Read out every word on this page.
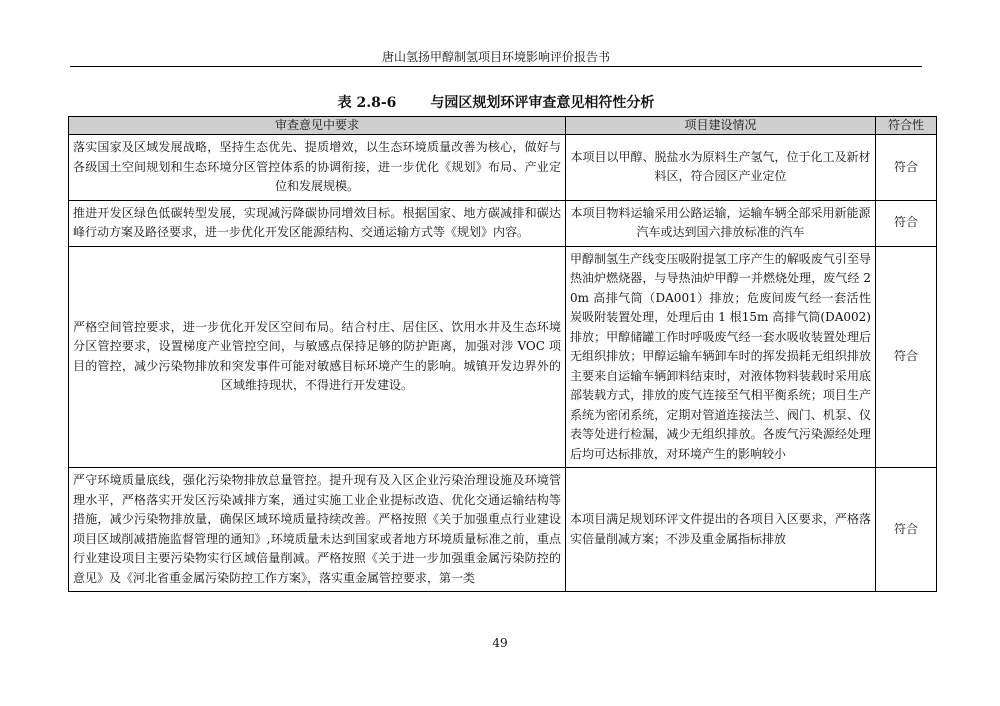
唐山氢扬甲醇制氢项目环境影响评价报告书
表 2.8-6 与园区规划环评审查意见相符性分析
审查意见中要求	项目建设情况	符合性
落实国家及区域发展战略，坚持生态优先、提质增效，以生态环境质量改善为核心，做好与各级国土空间规划和生态环境分区管控体系的协调衔接，进一步优化《规划》布局、产业定位和发展规模。	本项目以甲醇、脱盐水为原料生产氢气，位于化工及新材料区，符合园区产业定位	符合
推进开发区绿色低碳转型发展，实现减污降碳协同增效目标。根据国家、地方碳减排和碳达峰行动方案及路径要求，进一步优化开发区能源结构、交通运输方式等《规划》内容。	本项目物料运输采用公路运输，运输车辆全部采用新能源汽车或达到国六排放标准的汽车	符合
严格空间管控要求，进一步优化开发区空间布局。结合村庄、居住区、饮用水井及生态环境分区管控要求，设置梯度产业管控空间，与敏感点保持足够的防护距离，加强对涉 VOC 项目的管控，减少污染物排放和突发事件可能对敏感目标环境产生的影响。城镇开发边界外的区域维持现状，不得进行开发建设。	甲醇制氢生产线变压吸附提氢工序产生的解吸废气引至导热油炉燃烧器，与导热油炉甲醇一并燃烧处理，废气经 20m 高排气筒（DA001）排放；危废间废气经一套活性炭吸附装置处理，处理后由 1 根15m 高排气筒(DA002)排放；甲醇储罐工作时呼吸废气经一套水吸收装置处理后无组织排放；甲醇运输车辆卸车时的挥发损耗无组织排放主要来自运输车辆卸料结束时，对液体物料装载时采用底部装载方式，排放的废气连接至气相平衡系统；项目生产系统为密闭系统，定期对管道连接法兰、阀门、机泵、仪表等处进行检漏，减少无组织排放。各废气污染源经处理后均可达标排放，对环境产生的影响较小	符合
严守环境质量底线，强化污染物排放总量管控。提升现有及入区企业污染治理设施及环境管理水平，严格落实开发区污染减排方案，通过实施工业企业提标改造、优化交通运输结构等措施，减少污染物排放量，确保区域环境质量持续改善。严格按照《关于加强重点行业建设项目区域削减措施监督管理的通知》,环境质量未达到国家或者地方环境质量标准之前，重点行业建设项目主要污染物实行区域倍量削减。严格按照《关于进一步加强重金属污染防控的意见》及《河北省重金属污染防控工作方案》，落实重金属管控要求，第一类	本项目满足规划环评文件提出的各项目入区要求，严格落实倍量削减方案；不涉及重金属指标排放	符合
49
